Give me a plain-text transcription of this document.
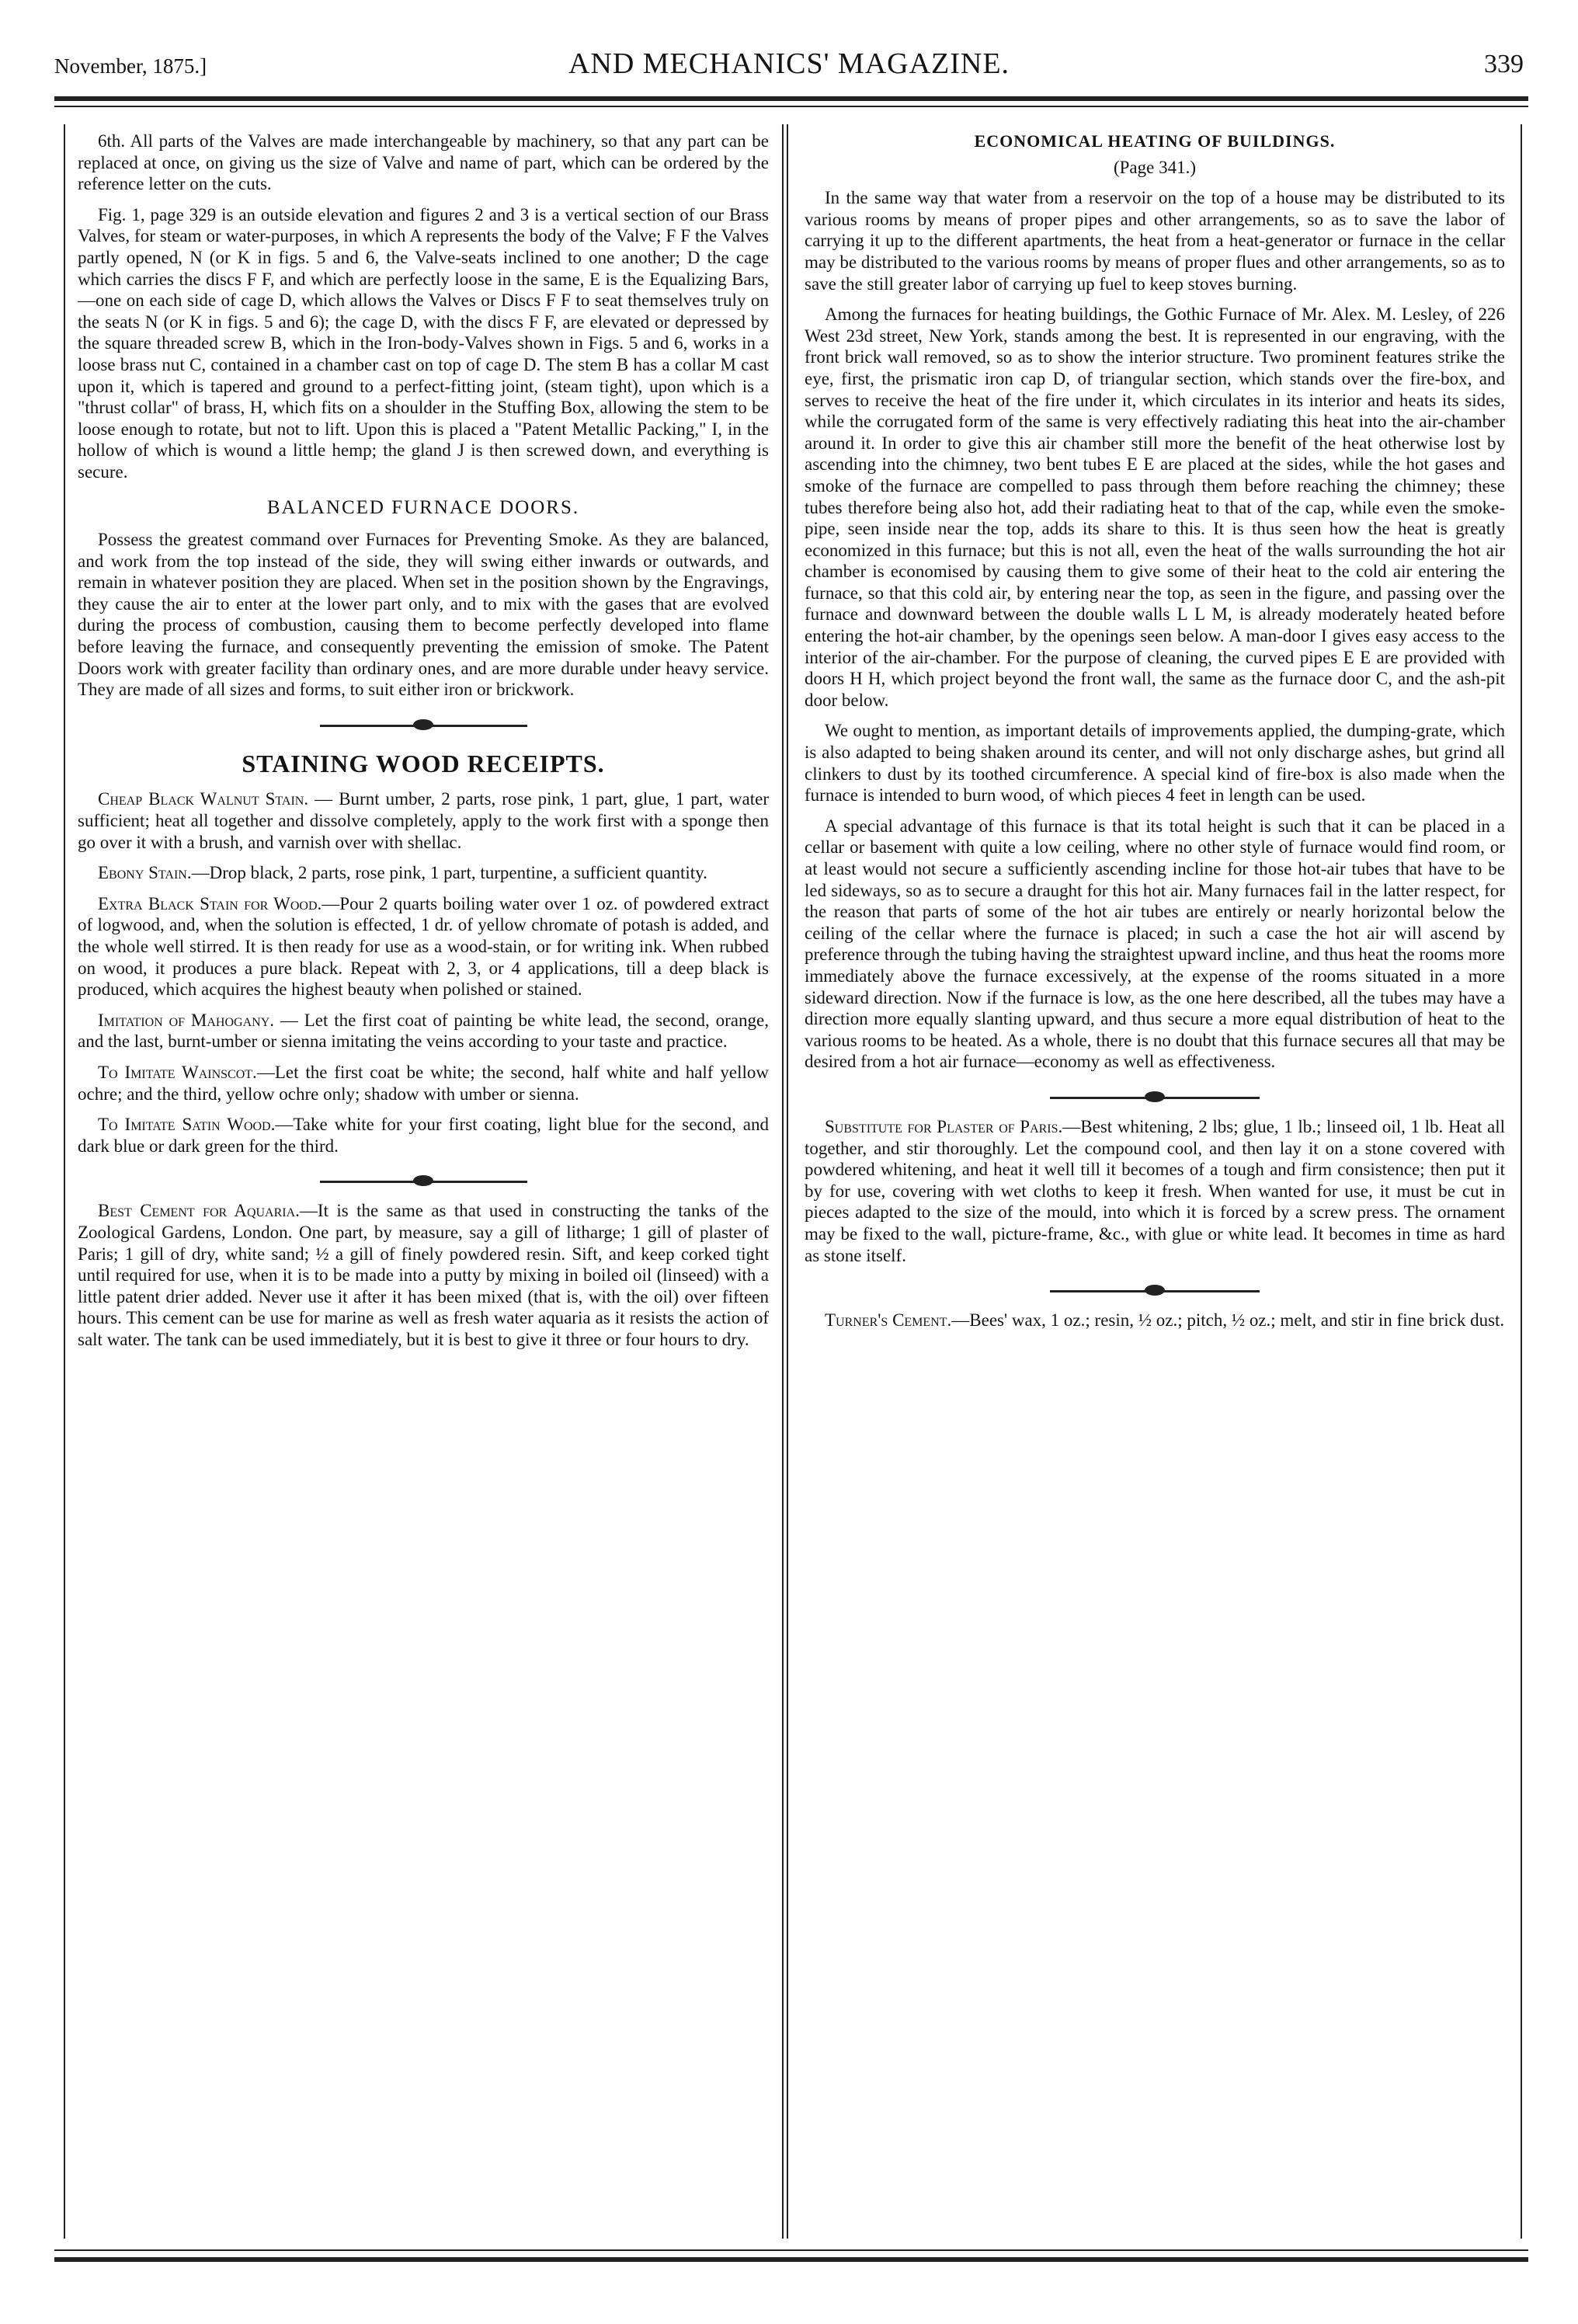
November, 1875.]	AND MECHANICS' MAGAZINE.	339

6th. All parts of the Valves are made interchangeable by machinery, so that any part can be replaced at once, on giving us the size of Valve and name of part, which can be ordered by the reference letter on the cuts.

Fig. 1, page 329 is an outside elevation and figures 2 and 3 is a vertical section of our Brass Valves, for steam or water-purposes, in which A represents the body of the Valve; F F the Valves partly opened, N (or K in figs. 5 and 6, the Valve-seats inclined to one another; D the cage which carries the discs F F, and which are perfectly loose in the same, E is the Equalizing Bars, —one on each side of cage D, which allows the Valves or Discs F F to seat themselves truly on the seats N (or K in figs. 5 and 6); the cage D, with the discs F F, are elevated or depressed by the square threaded screw B, which in the Iron-body-Valves shown in Figs. 5 and 6, works in a loose brass nut C, contained in a chamber cast on top of cage D. The stem B has a collar M cast upon it, which is tapered and ground to a perfect-fitting joint, (steam tight), upon which is a "thrust collar" of brass, H, which fits on a shoulder in the Stuffing Box, allowing the stem to be loose enough to rotate, but not to lift. Upon this is placed a "Patent Metallic Packing," I, in the hollow of which is wound a little hemp; the gland J is then screwed down, and everything is secure.

BALANCED FURNACE DOORS.

Possess the greatest command over Furnaces for Preventing Smoke. As they are balanced, and work from the top instead of the side, they will swing either inwards or outwards, and remain in whatever position they are placed. When set in the position shown by the Engravings, they cause the air to enter at the lower part only, and to mix with the gases that are evolved during the process of combustion, causing them to become perfectly developed into flame before leaving the furnace, and consequently preventing the emission of smoke. The Patent Doors work with greater facility than ordinary ones, and are more durable under heavy service. They are made of all sizes and forms, to suit either iron or brickwork.

STAINING WOOD RECEIPTS.

Cheap Black Walnut Stain. — Burnt umber, 2 parts, rose pink, 1 part, glue, 1 part, water sufficient; heat all together and dissolve completely, apply to the work first with a sponge then go over it with a brush, and varnish over with shellac.

Ebony Stain.—Drop black, 2 parts, rose pink, 1 part, turpentine, a sufficient quantity.

Extra Black Stain for Wood.—Pour 2 quarts boiling water over 1 oz. of powdered extract of logwood, and, when the solution is effected, 1 dr. of yellow chromate of potash is added, and the whole well stirred. It is then ready for use as a wood-stain, or for writing ink. When rubbed on wood, it produces a pure black. Repeat with 2, 3, or 4 applications, till a deep black is produced, which acquires the highest beauty when polished or stained.

Imitation of Mahogany. — Let the first coat of painting be white lead, the second, orange, and the last, burnt-umber or sienna imitating the veins according to your taste and practice.

To Imitate Wainscot.—Let the first coat be white; the second, half white and half yellow ochre; and the third, yellow ochre only; shadow with umber or sienna.

To Imitate Satin Wood.—Take white for your first coating, light blue for the second, and dark blue or dark green for the third.

Best Cement for Aquaria.—It is the same as that used in constructing the tanks of the Zoological Gardens, London. One part, by measure, say a gill of litharge; 1 gill of plaster of Paris; 1 gill of dry, white sand; ½ a gill of finely powdered resin. Sift, and keep corked tight until required for use, when it is to be made into a putty by mixing in boiled oil (linseed) with a little patent drier added. Never use it after it has been mixed (that is, with the oil) over fifteen hours. This cement can be use for marine as well as fresh water aquaria as it resists the action of salt water. The tank can be used immediately, but it is best to give it three or four hours to dry.

ECONOMICAL HEATING OF BUILDINGS.
(Page 341.)

In the same way that water from a reservoir on the top of a house may be distributed to its various rooms by means of proper pipes and other arrangements, so as to save the labor of carrying it up to the different apartments, the heat from a heat-generator or furnace in the cellar may be distributed to the various rooms by means of proper flues and other arrangements, so as to save the still greater labor of carrying up fuel to keep stoves burning.

Among the furnaces for heating buildings, the Gothic Furnace of Mr. Alex. M. Lesley, of 226 West 23d street, New York, stands among the best. It is represented in our engraving, with the front brick wall removed, so as to show the interior structure. Two prominent features strike the eye, first, the prismatic iron cap D, of triangular section, which stands over the fire-box, and serves to receive the heat of the fire under it, which circulates in its interior and heats its sides, while the corrugated form of the same is very effectively radiating this heat into the air-chamber around it. In order to give this air chamber still more the benefit of the heat otherwise lost by ascending into the chimney, two bent tubes E E are placed at the sides, while the hot gases and smoke of the furnace are compelled to pass through them before reaching the chimney; these tubes therefore being also hot, add their radiating heat to that of the cap, while even the smoke-pipe, seen inside near the top, adds its share to this. It is thus seen how the heat is greatly economized in this furnace; but this is not all, even the heat of the walls surrounding the hot air chamber is economised by causing them to give some of their heat to the cold air entering the furnace, so that this cold air, by entering near the top, as seen in the figure, and passing over the furnace and downward between the double walls L L M, is already moderately heated before entering the hot-air chamber, by the openings seen below. A man-door I gives easy access to the interior of the air-chamber. For the purpose of cleaning, the curved pipes E E are provided with doors H H, which project beyond the front wall, the same as the furnace door C, and the ash-pit door below.

We ought to mention, as important details of improvements applied, the dumping-grate, which is also adapted to being shaken around its center, and will not only discharge ashes, but grind all clinkers to dust by its toothed circumference. A special kind of fire-box is also made when the furnace is intended to burn wood, of which pieces 4 feet in length can be used.

A special advantage of this furnace is that its total height is such that it can be placed in a cellar or basement with quite a low ceiling, where no other style of furnace would find room, or at least would not secure a sufficiently ascending incline for those hot-air tubes that have to be led sideways, so as to secure a draught for this hot air. Many furnaces fail in the latter respect, for the reason that parts of some of the hot air tubes are entirely or nearly horizontal below the ceiling of the cellar where the furnace is placed; in such a case the hot air will ascend by preference through the tubing having the straightest upward incline, and thus heat the rooms more immediately above the furnace excessively, at the expense of the rooms situated in a more sideward direction. Now if the furnace is low, as the one here described, all the tubes may have a direction more equally slanting upward, and thus secure a more equal distribution of heat to the various rooms to be heated. As a whole, there is no doubt that this furnace secures all that may be desired from a hot air furnace—economy as well as effectiveness.

Substitute for Plaster of Paris.—Best whitening, 2 lbs; glue, 1 lb.; linseed oil, 1 lb. Heat all together, and stir thoroughly. Let the compound cool, and then lay it on a stone covered with powdered whitening, and heat it well till it becomes of a tough and firm consistence; then put it by for use, covering with wet cloths to keep it fresh. When wanted for use, it must be cut in pieces adapted to the size of the mould, into which it is forced by a screw press. The ornament may be fixed to the wall, picture-frame, &c., with glue or white lead. It becomes in time as hard as stone itself.

Turner's Cement.—Bees' wax, 1 oz.; resin, ½ oz.; pitch, ½ oz.; melt, and stir in fine brick dust.
